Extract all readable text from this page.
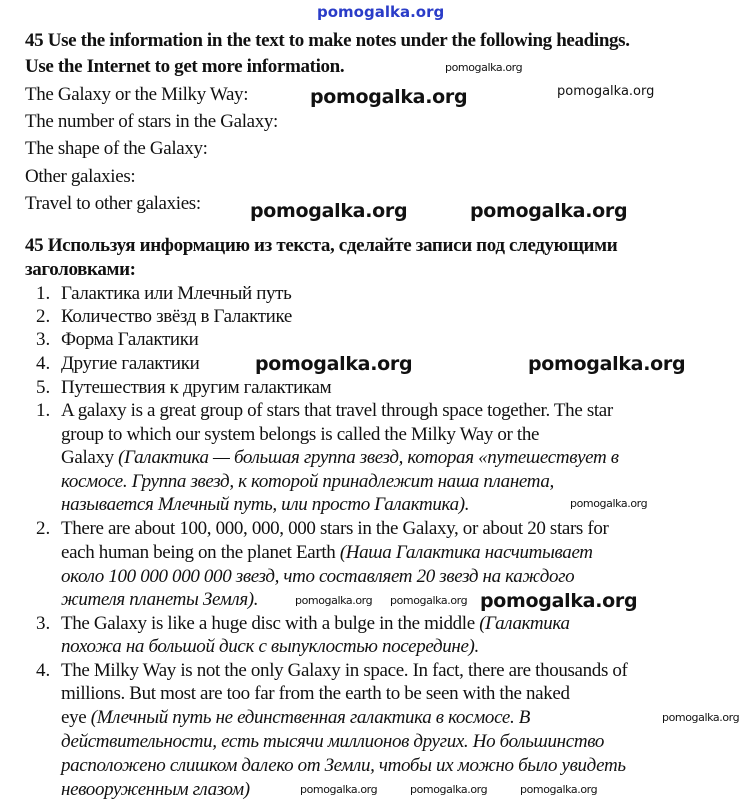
45 Use the information in the text to make notes under the following headings.
Use the Internet to get more information.
The Galaxy or the Milky Way:
The number of stars in the Galaxy:
The shape of the Galaxy:
Other galaxies:
Travel to other galaxies:
45 Используя информацию из текста, сделайте записи под следующими
заголовками:
1. Галактика или Млечный путь
2. Количество звёзд в Галактике
3. Форма Галактики
4. Другие галактики
5. Путешествия к другим галактикам
1. A galaxy is a great group of stars that travel through space together. The star
group to which our system belongs is called the Milky Way or the
Galaxy (Галактика — большая группа звезд, которая «путешествует в
космосе. Группа звезд, к которой принадлежит наша планета,
называется Млечный путь, или просто Галактика).
2. There are about 100, 000, 000, 000 stars in the Galaxy, or about 20 stars for
each human being on the planet Earth (Наша Галактика насчитывает
около 100 000 000 000 звезд, что составляет 20 звезд на каждого
жителя планеты Земля).
3. The Galaxy is like a huge disc with a bulge in the middle (Галактика
похожа на большой диск с выпуклостью посередине).
4. The Milky Way is not the only Galaxy in space. In fact, there are thousands of
millions. But most are too far from the earth to be seen with the naked
eye (Млечный путь не единственная галактика в космосе. В
действительности, есть тысячи миллионов других. Но большинство
расположено слишком далеко от Земли, чтобы их можно было увидеть
невооруженным глазом)
pomogalka.org
pomogalka.org
pomogalka.org	pomogalka.org
pomogalka.org	pomogalka.org
pomogalka.org
pomogalka.org
pomogalka.org
pomogalka.org
pomogalka.org pomogalka.org
pomogalka.org
pomogalka.org	pomogalka.org	pomogalka.org
